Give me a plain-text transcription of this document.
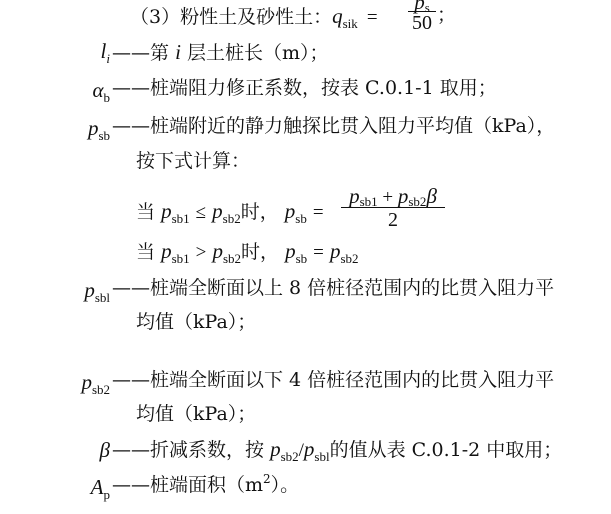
（3）粉性土及砂性土：$q_{sik}$ =
ps
50 ；
$l_i$ ——第 i 层土桩长（m）；
$\alpha_b$ ——桩端阻力修正系数，按表 C.0.1-1 取用；
$p_{sb}$ ——桩端附近的静力触探比贯入阻力平均值（kPa），
按下式计算：
当 $p_{sb1} \le p_{sb2}$时， $p_{sb}$ =
psb1 + psb2β
2
当 $p_{sb1} > p_{sb2}$时， $p_{sb} = p_{sb2}$
$p_{sbl}$ ——桩端全断面以上 8 倍桩径范围内的比贯入阻力平
均值（kPa）；
$p_{sb2}$ ——桩端全断面以下 4 倍桩径范围内的比贯入阻力平
均值（kPa）；
β ——折减系数，按 $p_{sb2}/p_{sbl}$的值从表 C.0.1-2 中取用；
$A_p$ ——桩端面积$(m^2)$。
